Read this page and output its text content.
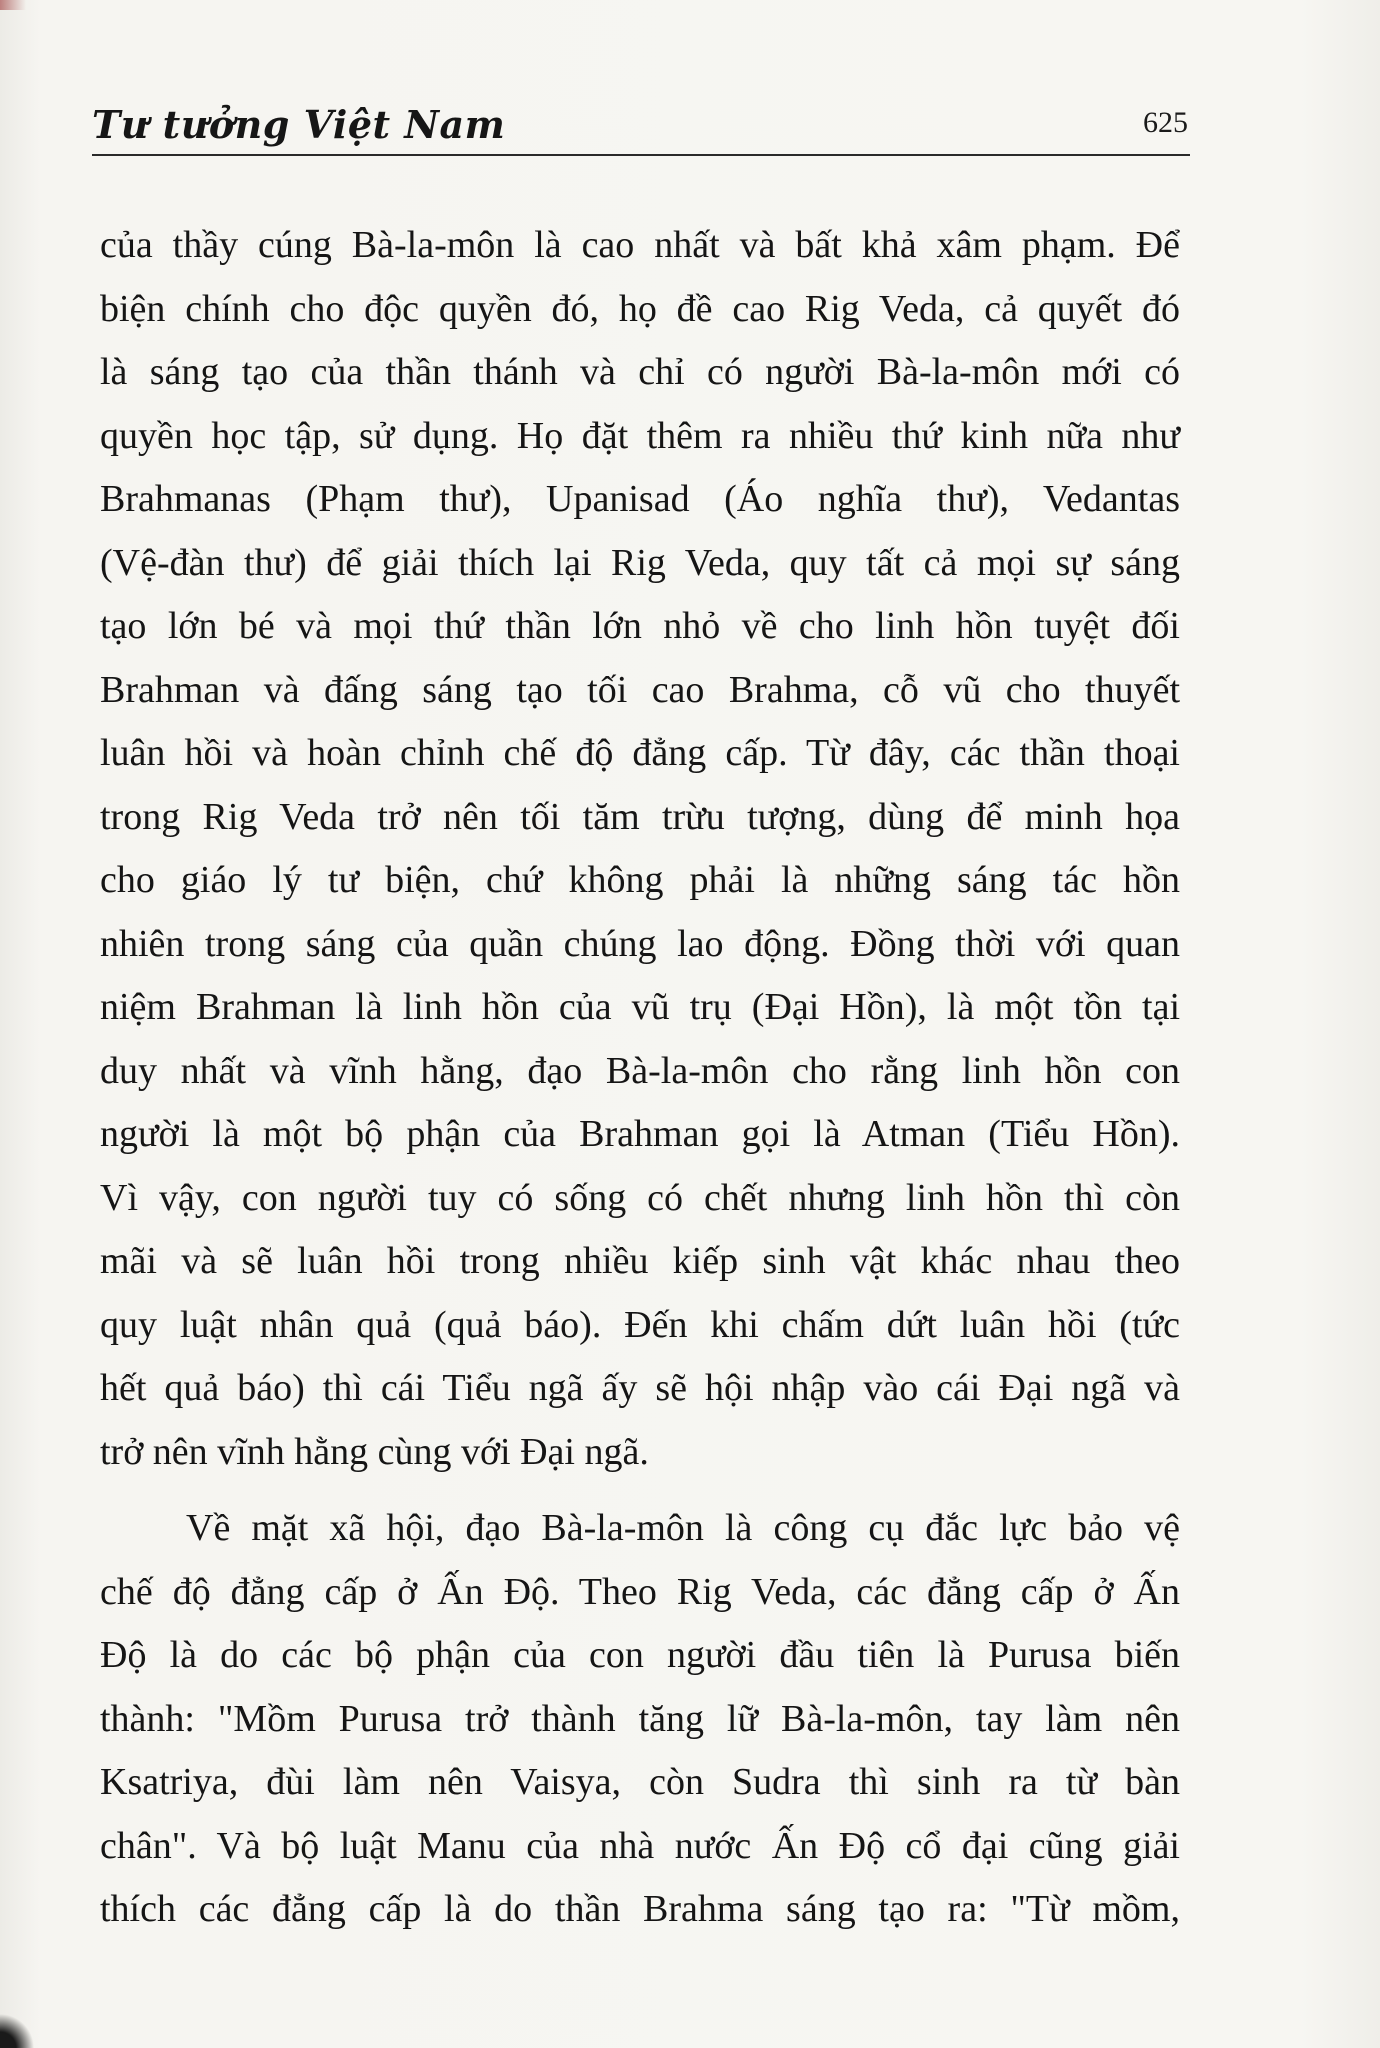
Tư tưởng Việt Nam	625
của thầy cúng Bà-la-môn là cao nhất và bất khả xâm phạm. Để
biện chính cho độc quyền đó, họ đề cao Rig Veda, cả quyết đó
là sáng tạo của thần thánh và chỉ có người Bà-la-môn mới có
quyền học tập, sử dụng. Họ đặt thêm ra nhiều thứ kinh nữa như
Brahmanas (Phạm thư), Upanisad (Áo nghĩa thư), Vedantas
(Vệ-đàn thư) để giải thích lại Rig Veda, quy tất cả mọi sự sáng
tạo lớn bé và mọi thứ thần lớn nhỏ về cho linh hồn tuyệt đối
Brahman và đấng sáng tạo tối cao Brahma, cỗ vũ cho thuyết
luân hồi và hoàn chỉnh chế độ đẳng cấp. Từ đây, các thần thoại
trong Rig Veda trở nên tối tăm trừu tượng, dùng để minh họa
cho giáo lý tư biện, chứ không phải là những sáng tác hồn
nhiên trong sáng của quần chúng lao động. Đồng thời với quan
niệm Brahman là linh hồn của vũ trụ (Đại Hồn), là một tồn tại
duy nhất và vĩnh hằng, đạo Bà-la-môn cho rằng linh hồn con
người là một bộ phận của Brahman gọi là Atman (Tiểu Hồn).
Vì vậy, con người tuy có sống có chết nhưng linh hồn thì còn
mãi và sẽ luân hồi trong nhiều kiếp sinh vật khác nhau theo
quy luật nhân quả (quả báo). Đến khi chấm dứt luân hồi (tức
hết quả báo) thì cái Tiểu ngã ấy sẽ hội nhập vào cái Đại ngã và
trở nên vĩnh hằng cùng với Đại ngã.
Về mặt xã hội, đạo Bà-la-môn là công cụ đắc lực bảo vệ
chế độ đẳng cấp ở Ấn Độ. Theo Rig Veda, các đẳng cấp ở Ấn
Độ là do các bộ phận của con người đầu tiên là Purusa biến
thành: "Mồm Purusa trở thành tăng lữ Bà-la-môn, tay làm nên
Ksatriya, đùi làm nên Vaisya, còn Sudra thì sinh ra từ bàn
chân". Và bộ luật Manu của nhà nước Ấn Độ cổ đại cũng giải
thích các đẳng cấp là do thần Brahma sáng tạo ra: "Từ mồm,
